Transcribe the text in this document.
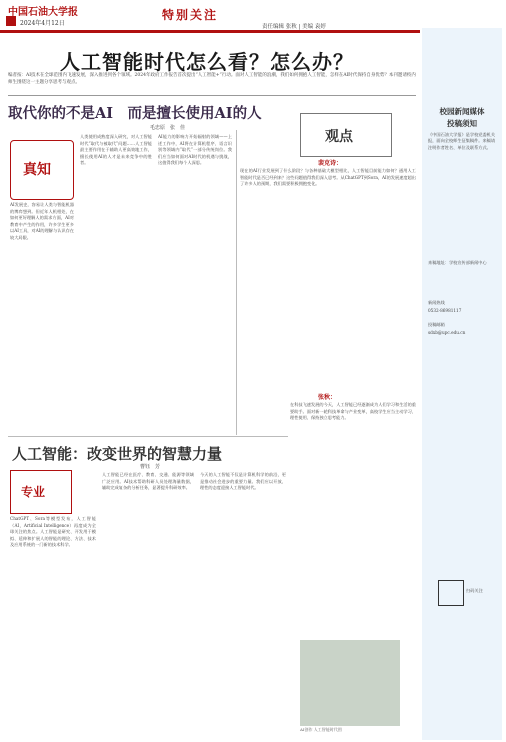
中国石油大学报
2024年4月12日
特别关注
责任编辑 张秋 | 美编 袁婷
人工智能时代怎么看？怎么办？
编者按：AI技术在全球范围内飞速发展，深入推进到各个领域。2024年政府工作报告首次提出“人工智能+”行动。面对人工智能的浪潮，我们如何拥抱人工智能，怎样在AI时代保持自身优势？本刊邀请校内师生围绕这一主题分享思考与观点。
取代你的不是AI　而是擅长使用AI的人
毛忠原　张　佳
真知
AI发展史，容易让人类与智能机器的博弈想到。但近年人机相处，在如何更好理解人的需求方面，AI对教育中产生的作用，许多学生更多以AI工具，对AI的理解与认识存在较大局限。
人类使用成熟度深入研究，对人工智能时代“取代与被取代”问题……人工智能最主要作用在于辅助人更高效地工作，擅长使用AI的人才是未来竞争中的胜者。
AI能力的影响力开始辐射的领域——上述工作中，AI将在计算机程序、语言识别等领域内“取代”一部分传统岗位。我们应当如何面对AI时代的机遇与挑战，这值得我们每个人深思。
观点
裴克诗：
现在的AI行业发展到了什么阶段？与各种基础大模型相比，人工智能目前能力如何？通用人工智能时代是否已经到来？这些问题值得我们深入思考。从ChatGPT到Sora，AI的发展速度超出了许多人的预期，我们需要积极拥抱变化。
张秋：
在科技飞速发展的今天，人工智能已经逐渐成为人们学习和生活的重要助手。面对新一轮科技革命与产业变革，高校学生应当主动学习、理性使用、保持独立思考能力。
人工智能：改变世界的智慧力量
曹钰　芳
专业
ChatGPT、Sora等模型发布，人工智能（AI，Artificial Intelligence）再度成为全球关注的焦点。人工智能是研究、开发用于模拟、延伸和扩展人的智能的理论、方法、技术及应用系统的一门新的技术科学。
人工智能已经在医疗、教育、交通、能源等领域广泛应用。AI技术帮助科研人员处理海量数据，辅助完成复杂的分析任务，显著提升科研效率。
今天的人工智能不仅是计算机科学的前沿，更是推动社会进步的重要力量。我们应以开放、理性的态度迎接人工智能时代。
AI创作 人工智能时代图
校园新闻媒体
投稿须知
《中国石油大学报》是学校党委机关报，面向全校师生征集稿件。来稿请注明作者姓名、单位及联系方式。
来稿地址：学校宣传部新闻中心
新闻热线
0532-86981117
投稿邮箱
sdxb@upc.edu.cn
扫码关注
